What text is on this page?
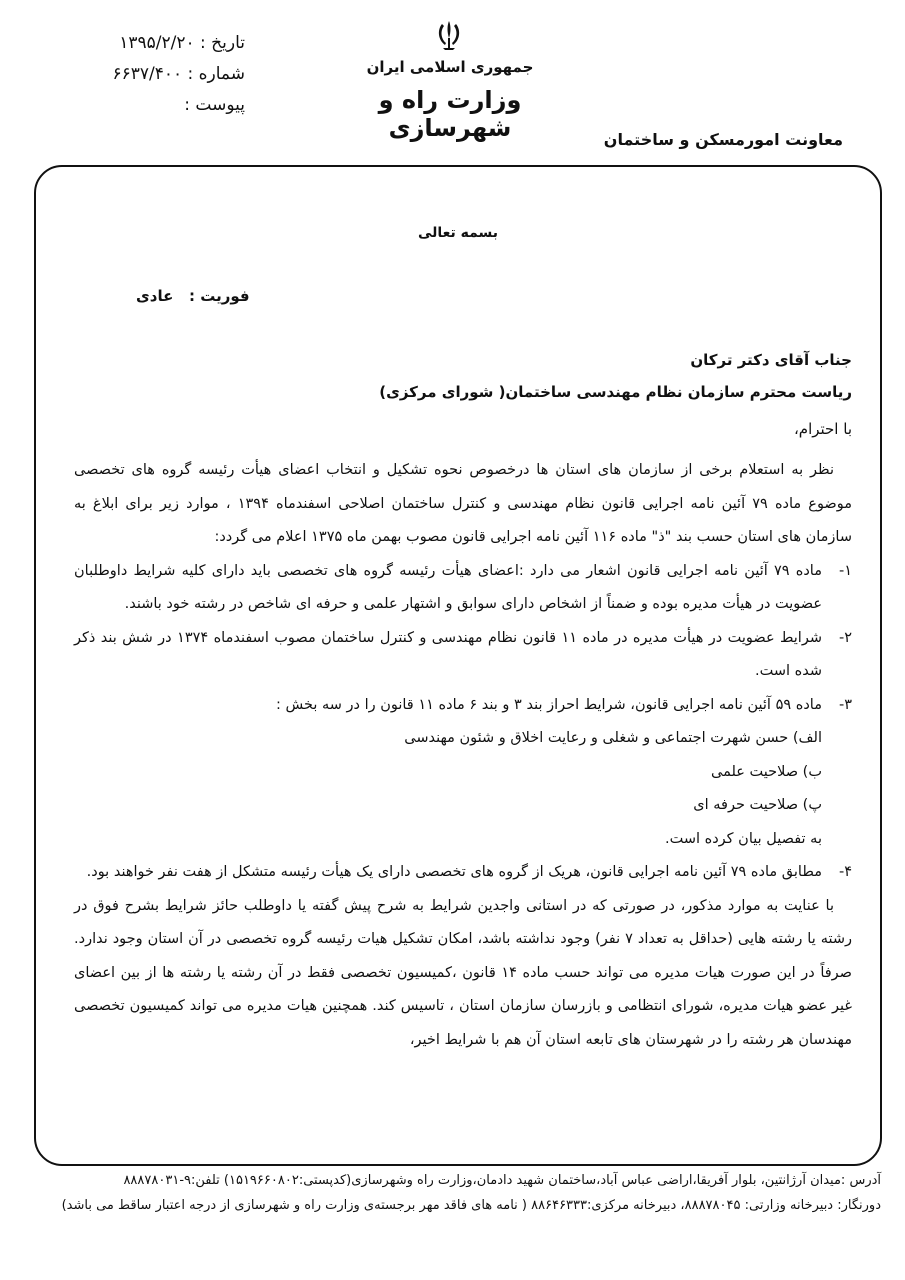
تاریخ : ۱۳۹۵/۲/۲۰
شماره : ۶۶۳۷/۴۰۰
پیوست :
جمهوری اسلامی ایران
وزارت راه و شهرسازی	معاونت امورمسکن و ساختمان
بسمه تعالی
فوریت :   عادی
جناب آقای دکتر ترکان
ریاست محترم سازمان نظام مهندسی ساختمان( شورای مرکزی)
با احترام،

نظر به استعلام برخی از سازمان های استان ها درخصوص نحوه تشکیل و انتخاب اعضای هیأت رئیسه گروه های تخصصی موضوع ماده ۷۹ آئین نامه اجرایی قانون نظام مهندسی و کنترل ساختمان اصلاحی اسفندماه ۱۳۹۴ ، موارد زیر برای ابلاغ به سازمان های استان حسب بند "ذ" ماده ۱۱۶ آئین نامه اجرایی قانون مصوب بهمن ماه ۱۳۷۵ اعلام می گردد:

۱-
ماده ۷۹ آئین نامه اجرایی قانون اشعار می دارد :اعضای هیأت رئیسه گروه های تخصصی باید دارای کلیه شرایط داوطلبان عضویت در هیأت مدیره بوده و ضمناً از اشخاص دارای سوابق و اشتهار علمی و حرفه ای شاخص در رشته خود باشند.
۲-
شرایط عضویت در هیأت مدیره در ماده ۱۱ قانون نظام مهندسی و کنترل ساختمان مصوب اسفندماه ۱۳۷۴ در شش بند ذکر شده است.
۳-
ماده ۵۹ آئین نامه اجرایی قانون، شرایط احراز بند ۳ و بند ۶ ماده ۱۱ قانون را در سه بخش :

الف) حسن شهرت اجتماعی و شغلی و رعایت اخلاق و شئون مهندسی

ب) صلاحیت علمی

پ) صلاحیت حرفه ای

به تفصیل بیان کرده است.

۴-
مطابق ماده ۷۹ آئین نامه اجرایی قانون، هریک از گروه های تخصصی دارای یک هیأت رئیسه متشکل از هفت نفر خواهند بود.

با عنایت به موارد مذکور، در صورتی که در استانی واجدین شرایط به شرح پیش گفته یا داوطلب حائز شرایط بشرح فوق در رشته یا رشته هایی (حداقل به تعداد ۷ نفر) وجود نداشته باشد، امکان تشکیل هیات رئیسه گروه تخصصی در آن استان وجود ندارد. صرفاً در این صورت هیات مدیره می تواند حسب ماده ۱۴ قانون ،کمیسیون تخصصی فقط در آن رشته یا رشته ها از بین اعضای غیر عضو هیات مدیره، شورای انتظامی و بازرسان سازمان استان ، تاسیس کند. همچنین هیات مدیره می تواند کمیسیون تخصصی مهندسان هر رشته را در شهرستان های تابعه استان آن هم با شرایط اخیر،

آدرس :میدان آرژانتین، بلوار آفریقا،اراضی عباس آباد،ساختمان شهید دادمان،وزارت راه وشهرسازی(کدپستی:۱۵۱۹۶۶۰۸۰۲) تلفن:۹-۸۸۸۷۸۰۳۱
دورنگار: دبیرخانه وزارتی: ۸۸۸۷۸۰۴۵، دبیرخانه مرکزی:۸۸۶۴۶۳۳۳ ( نامه های فاقد مهر برجسته‌ی وزارت راه و شهرسازی از درجه اعتبار ساقط می باشد)
